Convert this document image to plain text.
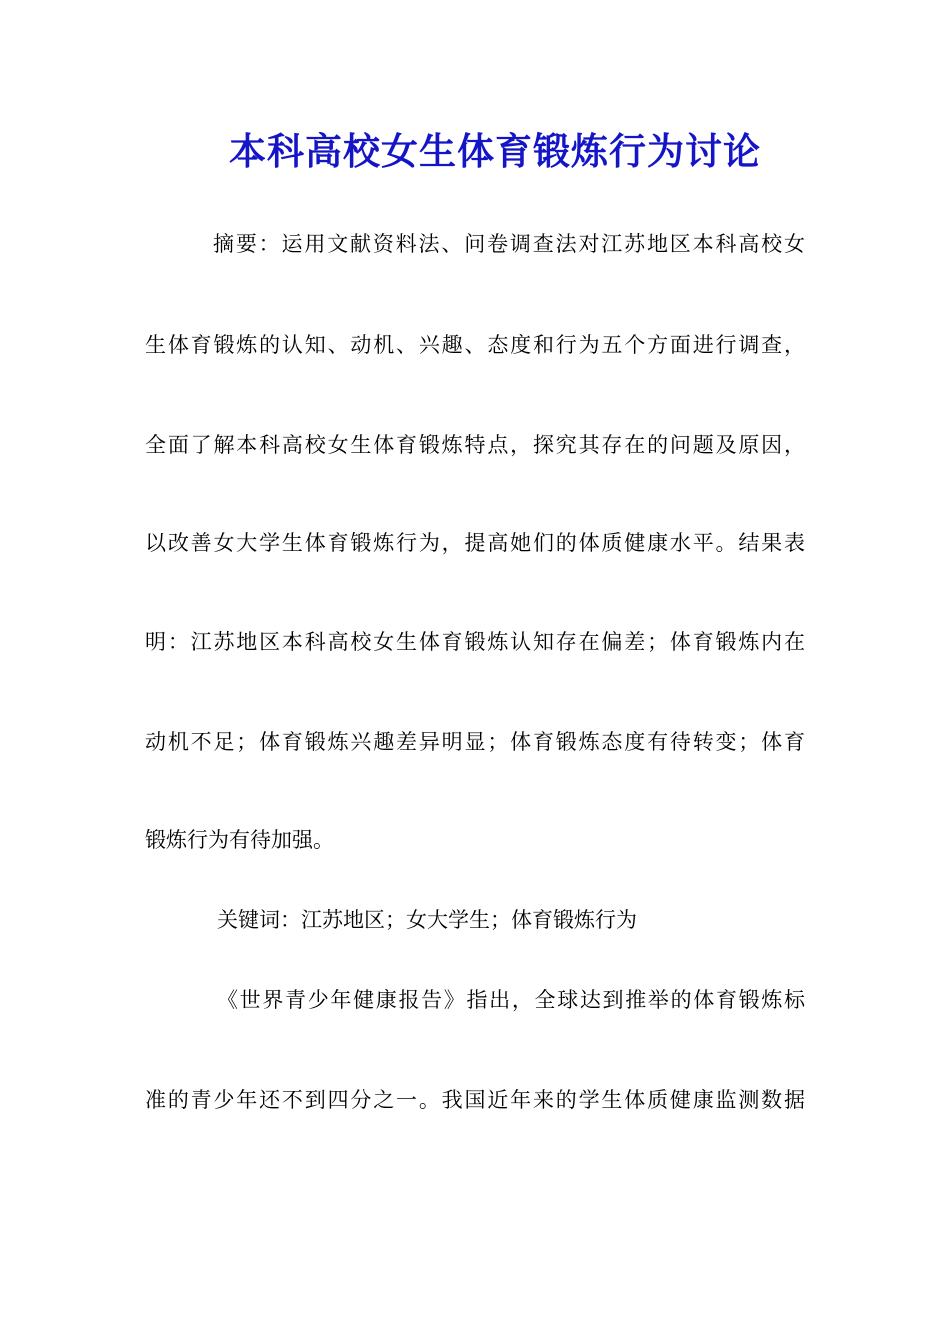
本科高校女生体育锻炼行为讨论
摘要：运用文献资料法、问卷调查法对江苏地区本科高校女
生体育锻炼的认知、动机、兴趣、态度和行为五个方面进行调查，
全面了解本科高校女生体育锻炼特点，探究其存在的问题及原因，
以改善女大学生体育锻炼行为，提高她们的体质健康水平。结果表
明：江苏地区本科高校女生体育锻炼认知存在偏差；体育锻炼内在
动机不足；体育锻炼兴趣差异明显；体育锻炼态度有待转变；体育
锻炼行为有待加强。
关键词：江苏地区；女大学生；体育锻炼行为
《世界青少年健康报告》指出，全球达到推举的体育锻炼标
准的青少年还不到四分之一。我国近年来的学生体质健康监测数据
